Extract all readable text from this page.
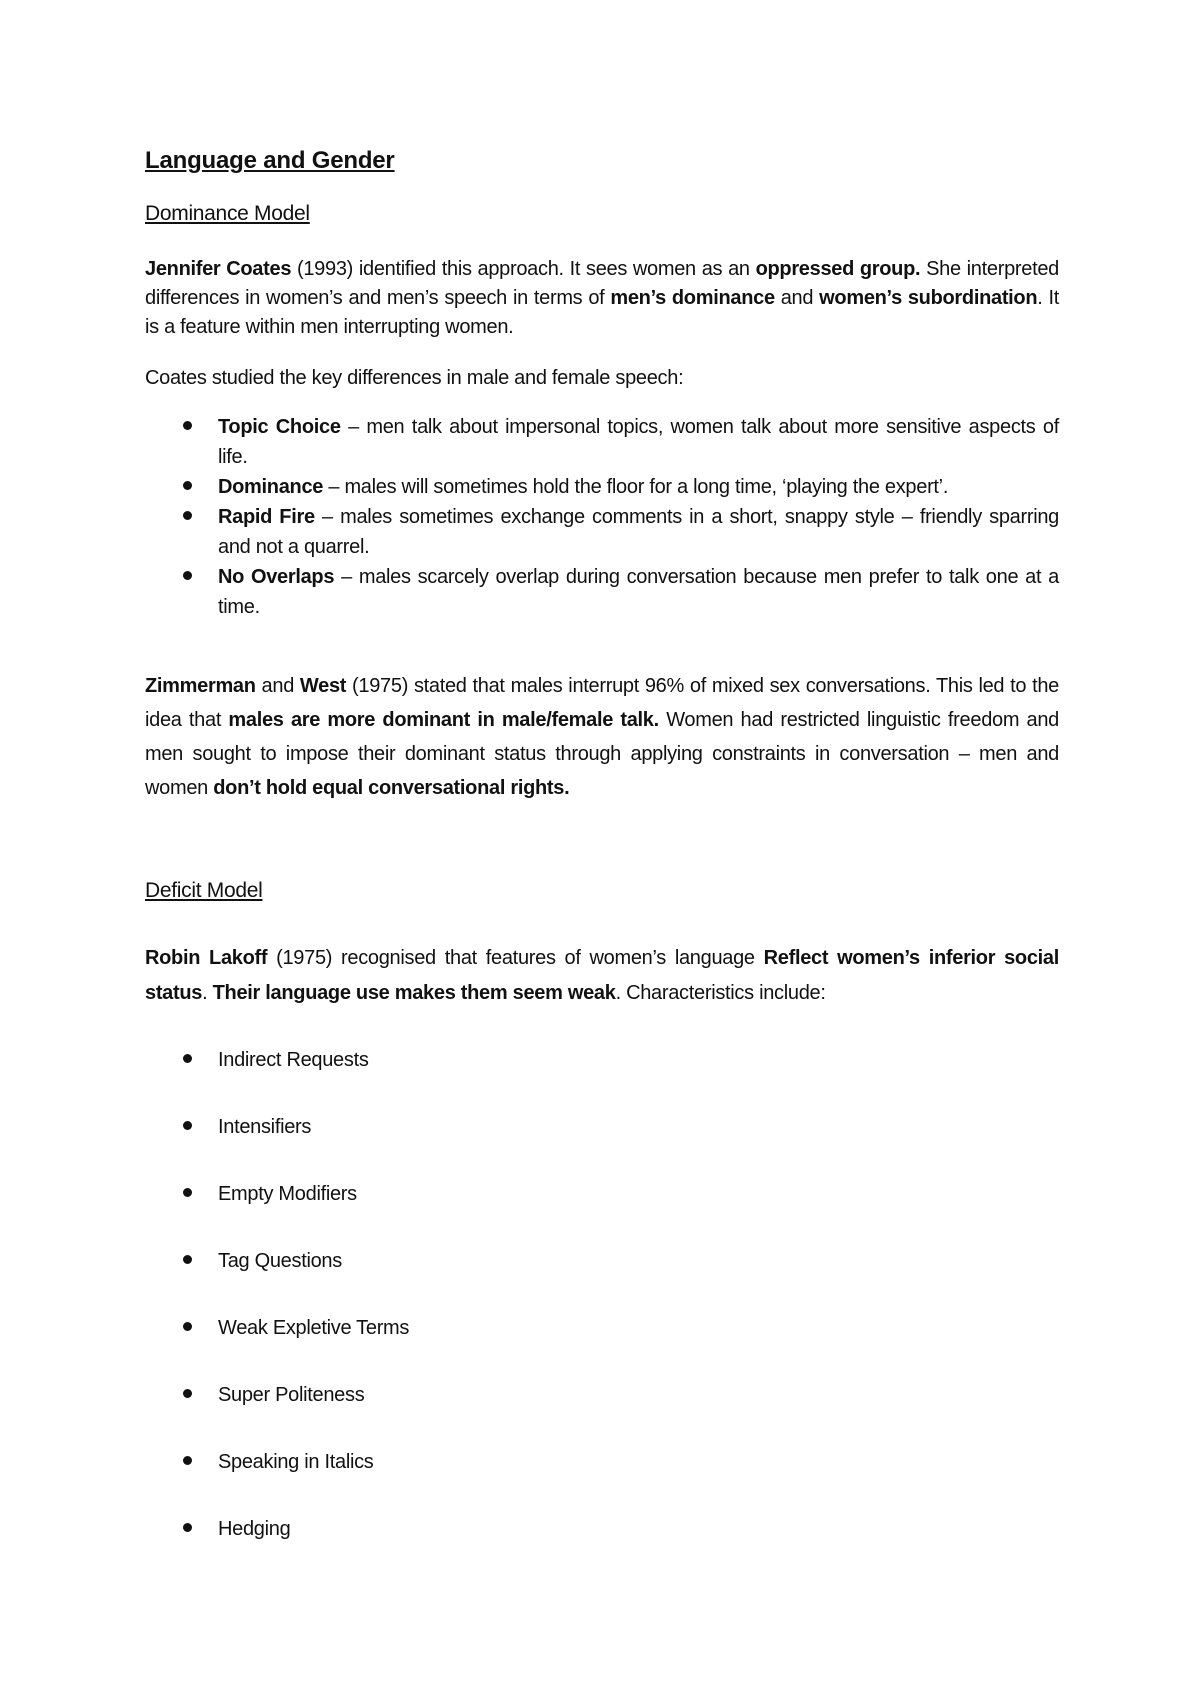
Language and Gender
Dominance Model
Jennifer Coates (1993) identified this approach. It sees women as an oppressed group. She interpreted differences in women’s and men’s speech in terms of men’s dominance and women’s subordination. It is a feature within men interrupting women.
Coates studied the key differences in male and female speech:
Topic Choice – men talk about impersonal topics, women talk about more sensitive aspects of life.
Dominance – males will sometimes hold the floor for a long time, ‘playing the expert’.
Rapid Fire – males sometimes exchange comments in a short, snappy style – friendly sparring and not a quarrel.
No Overlaps – males scarcely overlap during conversation because men prefer to talk one at a time.
Zimmerman and West (1975) stated that males interrupt 96% of mixed sex conversations. This led to the idea that males are more dominant in male/female talk. Women had restricted linguistic freedom and men sought to impose their dominant status through applying constraints in conversation – men and women don’t hold equal conversational rights.
Deficit Model
Robin Lakoff (1975) recognised that features of women’s language Reflect women’s inferior social status. Their language use makes them seem weak. Characteristics include:
Indirect Requests
Intensifiers
Empty Modifiers
Tag Questions
Weak Expletive Terms
Super Politeness
Speaking in Italics
Hedging
